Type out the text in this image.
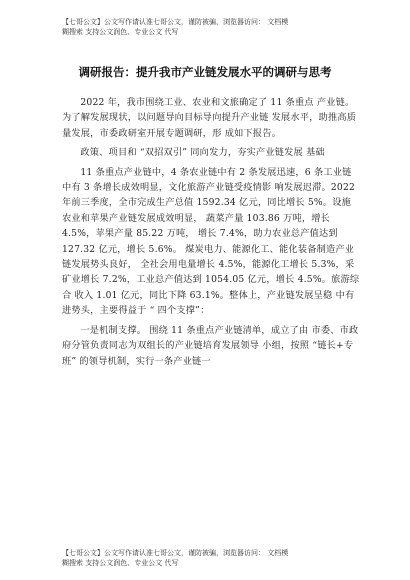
【七哥公文】公文写作请认准七哥公文，谨防被骗，浏览器访问： 文档模
糊搜索 支持公文润色、专业公文 代写
调研报告：提升我市产业链发展水平的调研与思考

2022 年，我市围绕工业、农业和文旅确定了 11 条重点 产业链。为了解发展现状，以问题导向目标导向提升产业链 发展水平，助推高质量发展，市委政研室开展专题调研，形 成如下报告。

政策、项目和 “双招双引” 同向发力，夯实产业链发展 基础

11 条重点产业链中，4 条农业链中有 2 条发展迅速，6 条工业链中有 3 条增长成效明显，文化旅游产业链受疫情影 响发展迟滞。2022 年前三季度，全市完成生产总值 1592.34 亿元，同比增长 5%。设施农业和苹果产业链发展成效明显， 蔬菜产量 103.86 万吨，增长 4.5%，苹果产量 85.22 万吨， 增长 7.4%，助力农业总产值达到 127.32 亿元，增长 5.6%。 煤炭电力、能源化工、能化装备制造产业链发展势头良好， 全社会用电量增长 4.5%，能源化工增长 5.3%，采矿业增长 7.2%，工业总产值达到 1054.05 亿元，增长 4.5%。旅游综合 收入 1.01 亿元，同比下降 63.1%。整体上，产业链发展呈稳 中有进势头，主要得益于 “ 四个支撑”：

一是机制支撑。 围绕 11 条重点产业链清单，成立了由 市委、市政府分管负责同志为双组长的产业链培育发展领导 小组，按照 “链长+专班” 的领导机制，实行一条产业链一

【七哥公文】公文写作请认准七哥公文，谨防被骗，浏览器访问： 文档模
糊搜索 支持公文润色、专业公文 代写
